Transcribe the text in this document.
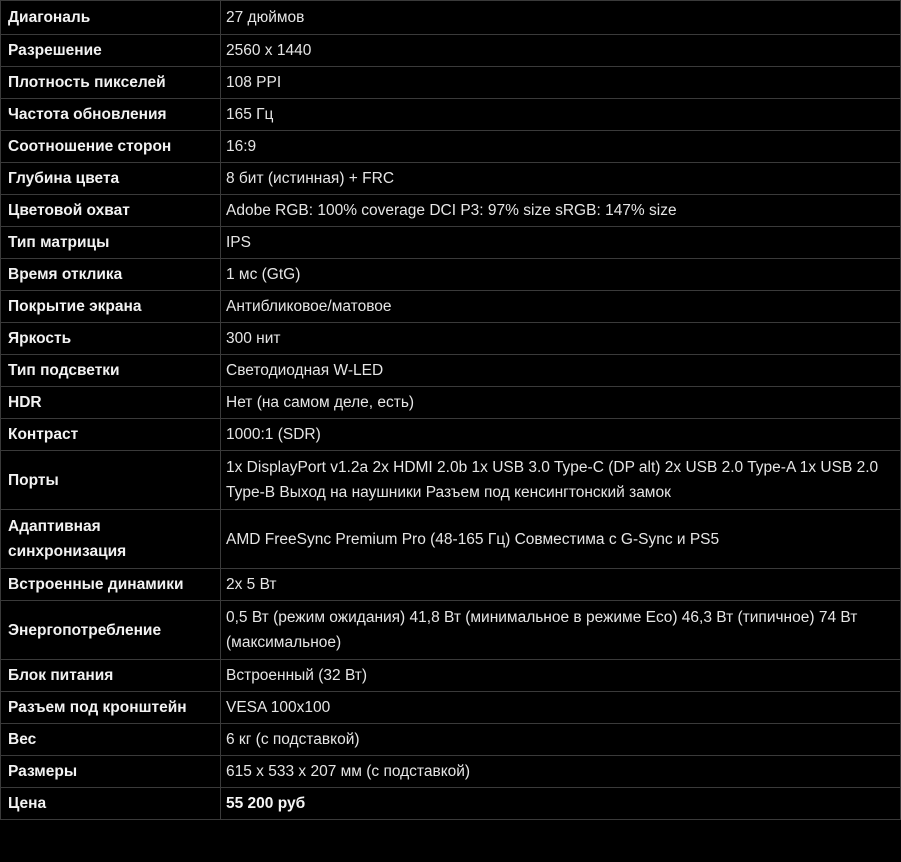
Диагональ	27 дюймов
Разрешение	2560 x 1440
Плотность пикселей	108 PPI
Частота обновления	165 Гц
Соотношение сторон	16:9
Глубина цвета	8 бит (истинная) + FRC
Цветовой охват	Adobe RGB: 100% coverage DCI P3: 97% size sRGB: 147% size
Тип матрицы	IPS
Время отклика	1 мс (GtG)
Покрытие экрана	Антибликовое/матовое
Яркость	300 нит
Тип подсветки	Светодиодная W-LED
HDR	Нет (на самом деле, есть)
Контраст	1000:1 (SDR)
Порты	1x DisplayPort v1.2a 2x HDMI 2.0b 1x USB 3.0 Type-C (DP alt) 2x USB 2.0 Type-A 1x USB 2.0 Type-B Выход на наушники Разъем под кенсингтонский замок
Адаптивная синхронизация	AMD FreeSync Premium Pro (48-165 Гц) Совместима с G-Sync и PS5
Встроенные динамики	2x 5 Вт
Энергопотребление	0,5 Вт (режим ожидания) 41,8 Вт (минимальное в режиме Eco) 46,3 Вт (типичное) 74 Вт (максимальное)
Блок питания	Встроенный (32 Вт)
Разъем под кронштейн	VESA 100x100
Вес	6 кг (с подставкой)
Размеры	615 x 533 x 207 мм (с подставкой)
Цена	55 200 руб
